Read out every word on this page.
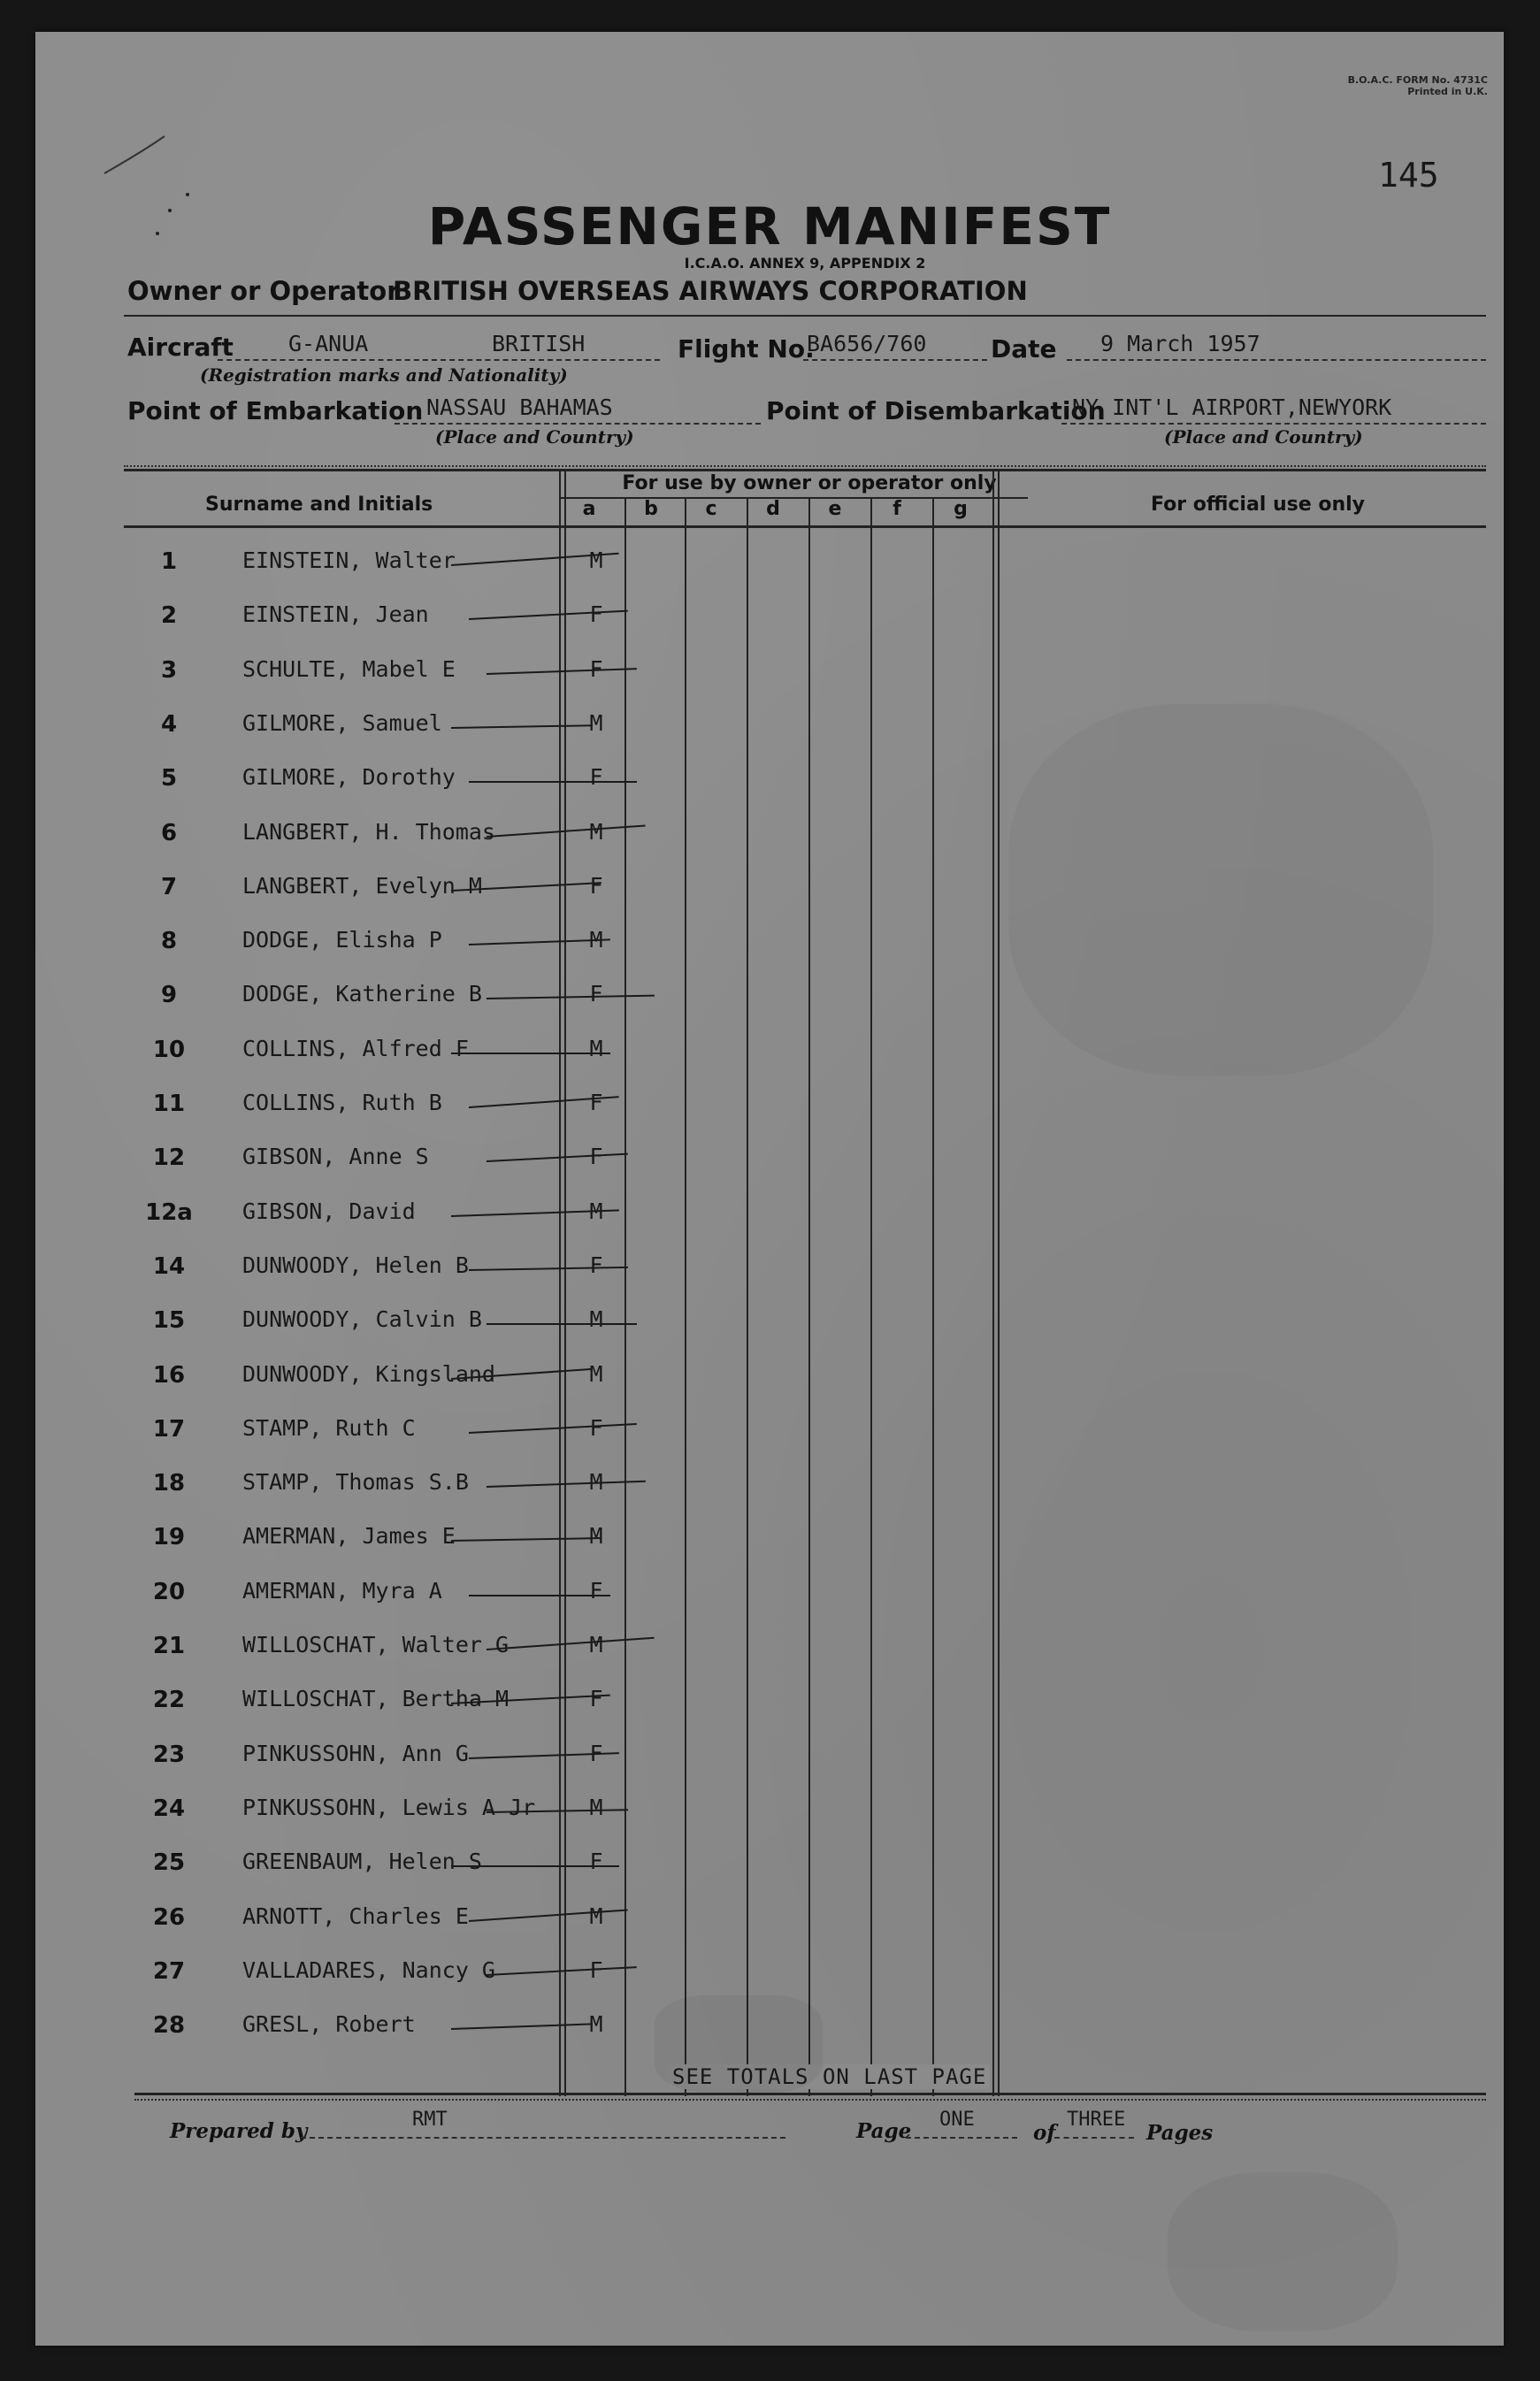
B.O.A.C. FORM No. 4731C
Printed in U.K.
145
PASSENGER MANIFEST
I.C.A.O. ANNEX 9, APPENDIX 2
Owner or Operator
BRITISH OVERSEAS AIRWAYS CORPORATION
Aircraft G-ANUA	BRITISH
(Registration marks and Nationality)
Flight No.
BA656/760	Date 9 March 1957
Point of Embarkation NASSAU BAHAMAS
(Place and Country)
Point of Disembarkation
NY INT'L AIRPORT,NEWYORK
(Place and Country)
Surname and Initials
For use by owner or operator only
For official use only
a	b	c	d	e	f	g
1	EINSTEIN, Walter	M
2	EINSTEIN, Jean	F
3	SCHULTE, Mabel E	F
4	GILMORE, Samuel	M
5	GILMORE, Dorothy	F
6	LANGBERT, H. Thomas	M
7	LANGBERT, Evelyn M	F
8	DODGE, Elisha P	M
9	DODGE, Katherine B	F
10	COLLINS, Alfred F	M
11	COLLINS, Ruth B	F
12	GIBSON, Anne S	F
12a	GIBSON, David	M
14	DUNWOODY, Helen B	F
15	DUNWOODY, Calvin B	M
16	DUNWOODY, Kingsland	M
17	STAMP, Ruth C	F
18	STAMP, Thomas S.B	M
19	AMERMAN, James E	M
20	AMERMAN, Myra A	F
21	WILLOSCHAT, Walter G	M
22	WILLOSCHAT, Bertha M	F
23	PINKUSSOHN, Ann G	F
24	PINKUSSOHN, Lewis A Jr	M
25	GREENBAUM, Helen S	F
26	ARNOTT, Charles E	M
27	VALLADARES, Nancy G	F
28	GRESL, Robert	M
SEE TOTALS ON LAST PAGE
Prepared by	RMT	Page ONE
of
THREE
Pages
